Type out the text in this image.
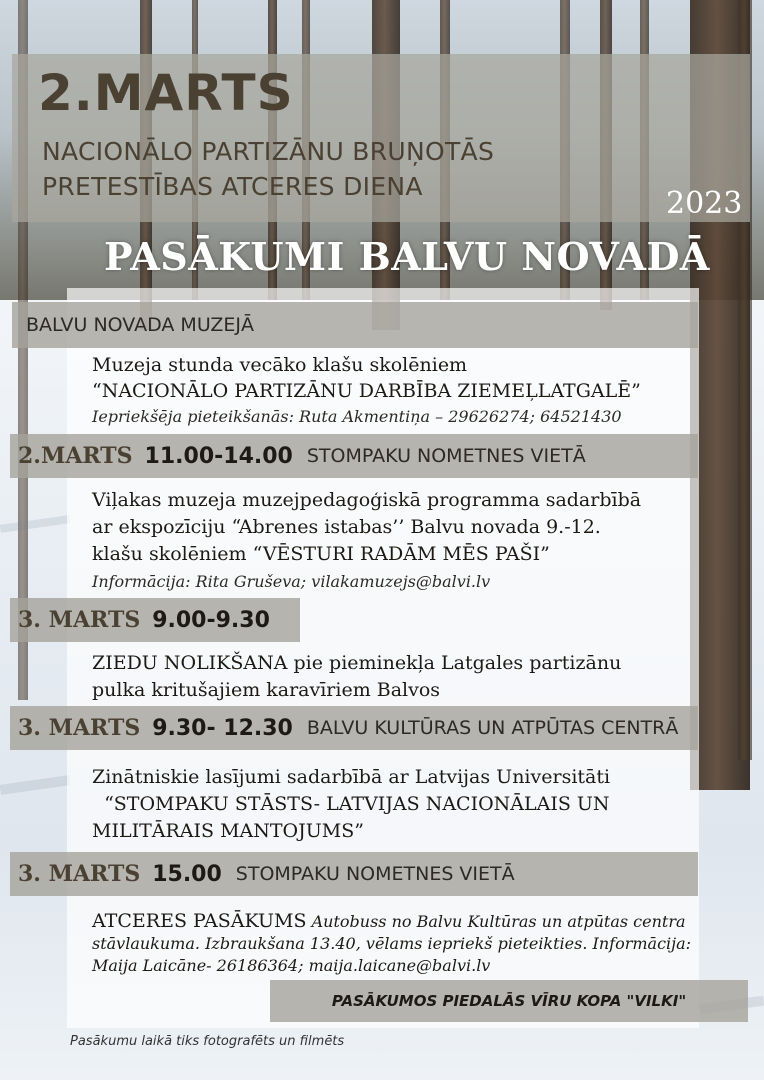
2.MARTS

NACIONĀLO PARTIZĀNU BRUŅOTĀS
PRETESTĪBAS ATCERES DIENA	2023

PASĀKUMI BALVU NOVADĀ
BALVU NOVADA MUZEJĀ

Muzeja stunda vecāko klašu skolēniem
“NACIONĀLO PARTIZĀNU DARBĪBA ZIEMEĻLATGALĒ”
Iepriekšēja pieteikšanās: Ruta Akmentiņa – 29626274; 64521430

2.MARTS 11.00-14.00 STOMPAKU NOMETNES VIETĀ

Viļakas muzeja muzejpedagoģiskā programma sadarbībā
ar ekspozīciju “Abrenes istabas’’ Balvu novada 9.-12.
klašu skolēniem “VĒSTURI RADĀM MĒS PAŠI”
Informācija: Rita Gruševa; vilakamuzejs@balvi.lv

3. MARTS 9.00-9.30

ZIEDU NOLIKŠANA pie pieminekļa Latgales partizānu
pulka kritušajiem karavīriem Balvos

3. MARTS 9.30- 12.30 BALVU KULTŪRAS UN ATPŪTAS CENTRĀ

Zinātniskie lasījumi sadarbībā ar Latvijas Universitāti
“STOMPAKU STĀSTS- LATVIJAS NACIONĀLAIS UN
MILITĀRAIS MANTOJUMS”

3. MARTS 15.00 STOMPAKU NOMETNES VIETĀ

ATCERES PASĀKUMS Autobuss no Balvu Kultūras un atpūtas centra
stāvlaukuma. Izbraukšana 13.40, vēlams iepriekš pieteikties. Informācija:
Maija Laicāne- 26186364; maija.laicane@balvi.lv

PASĀKUMOS PIEDALĀS VĪRU KOPA "VILKI"

Pasākumu laikā tiks fotografēts un filmēts
